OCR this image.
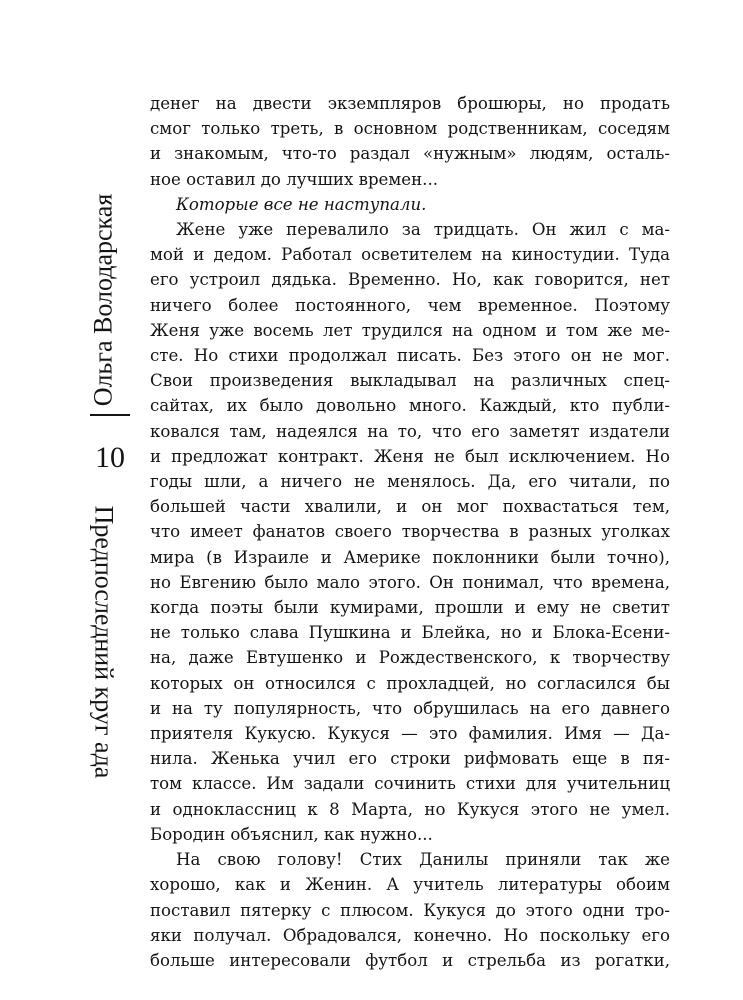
Ольга Володарская
10
Предпоследний круг ада
денег на двести экземпляров брошюры, но продать
смог только треть, в основном родственникам, соседям
и знакомым, что-то раздал «нужным» людям, осталь-
ное оставил до лучших времен...
Которые все не наступали.
Жене уже перевалило за тридцать. Он жил с ма-
мой и дедом. Работал осветителем на киностудии. Туда
его устроил дядька. Временно. Но, как говорится, нет
ничего более постоянного, чем временное. Поэтому
Женя уже восемь лет трудился на одном и том же ме-
сте. Но стихи продолжал писать. Без этого он не мог.
Свои произведения выкладывал на различных спец-
сайтах, их было довольно много. Каждый, кто публи-
ковался там, надеялся на то, что его заметят издатели
и предложат контракт. Женя не был исключением. Но
годы шли, а ничего не менялось. Да, его читали, по
большей части хвалили, и он мог похвастаться тем,
что имеет фанатов своего творчества в разных уголках
мира (в Израиле и Америке поклонники были точно),
но Евгению было мало этого. Он понимал, что времена,
когда поэты были кумирами, прошли и ему не светит
не только слава Пушкина и Блейка, но и Блока-Есени-
на, даже Евтушенко и Рождественского, к творчеству
которых он относился с прохладцей, но согласился бы
и на ту популярность, что обрушилась на его давнего
приятеля Кукусю. Кукуся — это фамилия. Имя — Да-
нила. Женька учил его строки рифмовать еще в пя-
том классе. Им задали сочинить стихи для учительниц
и одноклассниц к 8 Марта, но Кукуся этого не умел.
Бородин объяснил, как нужно...
На свою голову! Стих Данилы приняли так же
хорошо, как и Женин. А учитель литературы обоим
поставил пятерку с плюсом. Кукуся до этого одни тро-
яки получал. Обрадовался, конечно. Но поскольку его
больше интересовали футбол и стрельба из рогатки,
